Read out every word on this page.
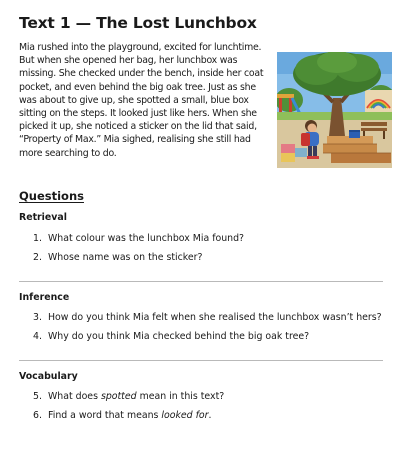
Text 1 — The Lost Lunchbox

Mia rushed into the playground, excited for lunchtime. But when she opened her bag, her lunchbox was missing. She checked under the bench, inside her coat pocket, and even behind the big oak tree. Just as she was about to give up, she spotted a small, blue box sitting on the steps. It looked just like hers. When she picked it up, she noticed a sticker on the lid that said, “Property of Max.” Mia sighed, realising she still had more searching to do.

Questions
Retrieval
1. What colour was the lunchbox Mia found?
2. Whose name was on the sticker?
Inference
3. How do you think Mia felt when she realised the lunchbox wasn’t hers?
4. Why do you think Mia checked behind the big oak tree?
Vocabulary
5. What does spotted mean in this text?
6. Find a word that means looked for.
